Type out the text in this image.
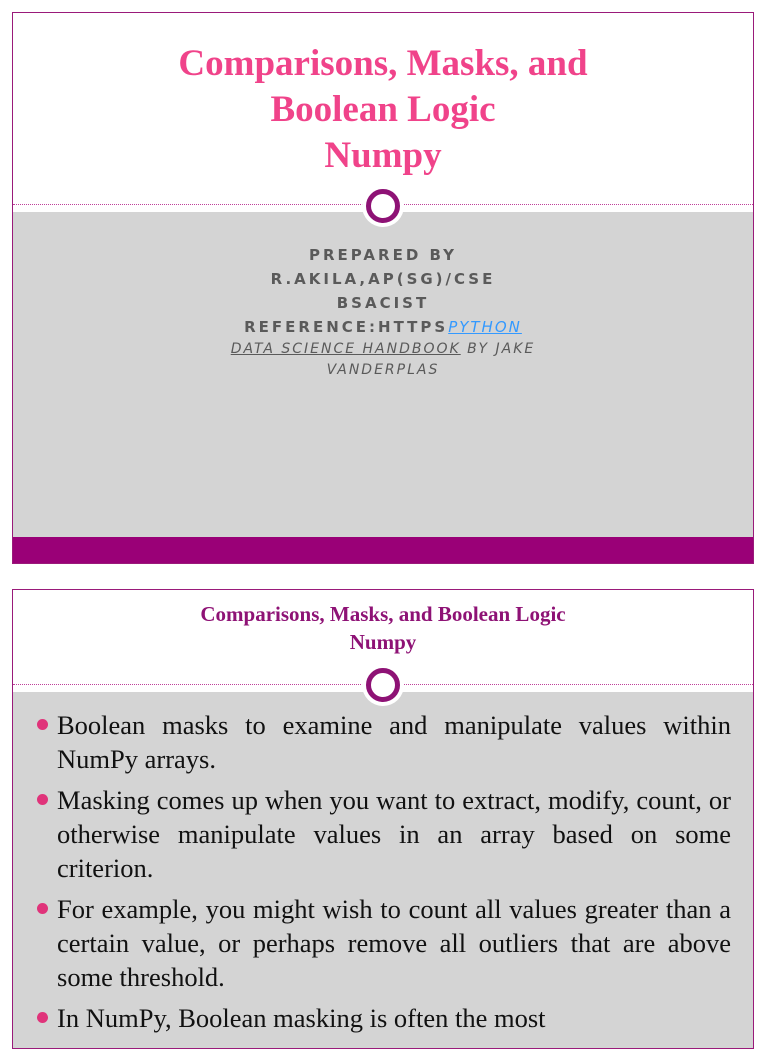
Comparisons, Masks, and
Boolean Logic
Numpy
PREPARED BY
R.AKILA,AP(SG)/CSE
BSACIST
REFERENCE:HTTPSPYTHON
DATA SCIENCE HANDBOOK BY JAKE
VANDERPLAS
Comparisons, Masks, and Boolean Logic
Numpy
Boolean masks to examine and manipulate values within NumPy arrays.
Masking comes up when you want to extract, modify, count, or otherwise manipulate values in an array based on some criterion.
For example, you might wish to count all values greater than a certain value, or perhaps remove all outliers that are above some threshold.
In NumPy, Boolean masking is often the most
